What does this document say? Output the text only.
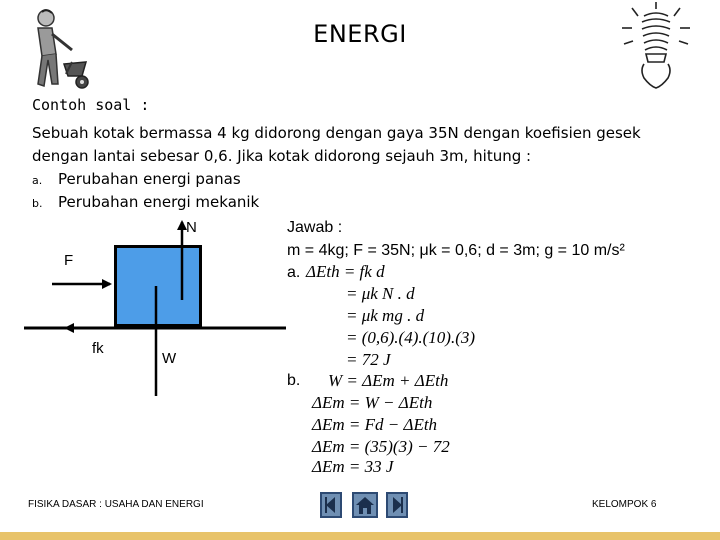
ENERGI
Contoh soal :
Sebuah kotak bermassa 4 kg didorong dengan gaya 35N dengan koefisien gesek
dengan lantai sebesar 0,6. Jika kotak didorong sejauh 3m, hitung :
a. Perubahan energi panas
b. Perubahan energi mekanik
N
F
fk
W
Jawab :
m = 4kg; F = 35N; μk = 0,6; d = 3m; g = 10 m/s²
a. ΔEth = fk d
= μk N . d
= μk mg . d
= (0,6).(4).(10).(3)
= 72 J
b. W = ΔEm + ΔEth
ΔEm = W − ΔEth
ΔEm = Fd − ΔEth
ΔEm = (35)(3) − 72
ΔEm = 33 J
FISIKA DASAR : USAHA DAN ENERGI	KELOMPOK 6
